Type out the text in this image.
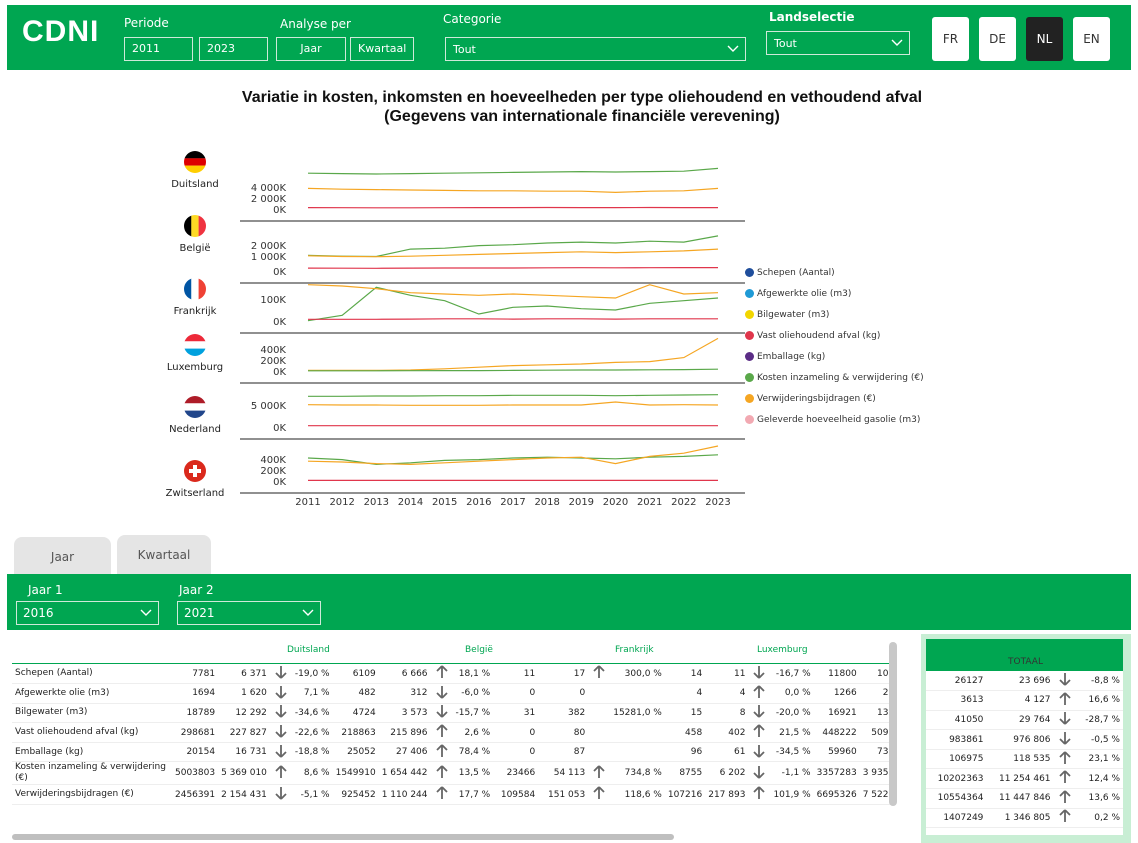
CDNI Periode
2011	2023
Analyse per
Jaar	Kwartaal
Categorie
Tout
Landselectie
Tout	FR	DE	NL	EN
Variatie in kosten, inkomsten en hoeveelheden per type oliehoudend en vethoudend afval
(Gegevens van internationale financiële verevening)
Duitsland
België
Frankrijk
Luxemburg
Nederland
Zwitserland
4 000K
2 000K
0K
2 000K
1 000K
0K
100K
0K
400K
200K
0K
5 000K
0K
400K
200K
0K
2011 2012 2013 2014 2015 2016 2017 2018 2019 2020 2021 2022 2023
Schepen (Aantal)
Afgewerkte olie (m3)
Bilgewater (m3)
Vast oliehoudend afval (kg)
Emballage (kg)
Kosten inzameling & verwijdering (€)
Verwijderingsbijdragen (€)
Geleverde hoeveelheid gasolie (m3)
Jaar	Kwartaal
Jaar 1
2016
Jaar 2
2021
Duitsland	België	Frankrijk	Luxemburg
Schepen (Aantal)	7781	6 371		-19,0 %	6109	6 666		18,1 %	11	17		300,0 %	14	11		-16,7 %	11800	10
Afgewerkte olie (m3)	1694	1 620		7,1 %	482	312		-6,0 %	0	0			4	4		0,0 %	1266	2
Bilgewater (m3)	18789	12 292		-34,6 %	4724	3 573		-15,7 %	31	382		15281,0 %	15	8		-20,0 %	16921	13
Vast oliehoudend afval (kg)	298681	227 827		-22,6 %	218863	215 896		2,6 %	0	80			458	402		21,5 %	448222	509
Emballage (kg)	20154	16 731		-18,8 %	25052	27 406		78,4 %	0	87			96	61		-34,5 %	59960	73
Kosten inzameling & verwijdering (€)	5003803	5 369 010		8,6 %	1549910	1 654 442		13,5 %	23466	54 113		734,8 %	8755	6 202		-1,1 %	3357283	3 935
Verwijderingsbijdragen (€)	2456391	2 154 431		-5,1 %	925452	1 110 244		17,7 %	109584	151 053		118,6 %	107216	217 893		101,9 %	6695326	7 522
TOTAAL
26127	23 696		-8,8 %
3613	4 127		16,6 %
41050	29 764		-28,7 %
983861	976 806		-0,5 %
106975	118 535		23,1 %
10202363	11 254 461		12,4 %
10554364	11 447 846		13,6 %
1407249	1 346 805		0,2 %
